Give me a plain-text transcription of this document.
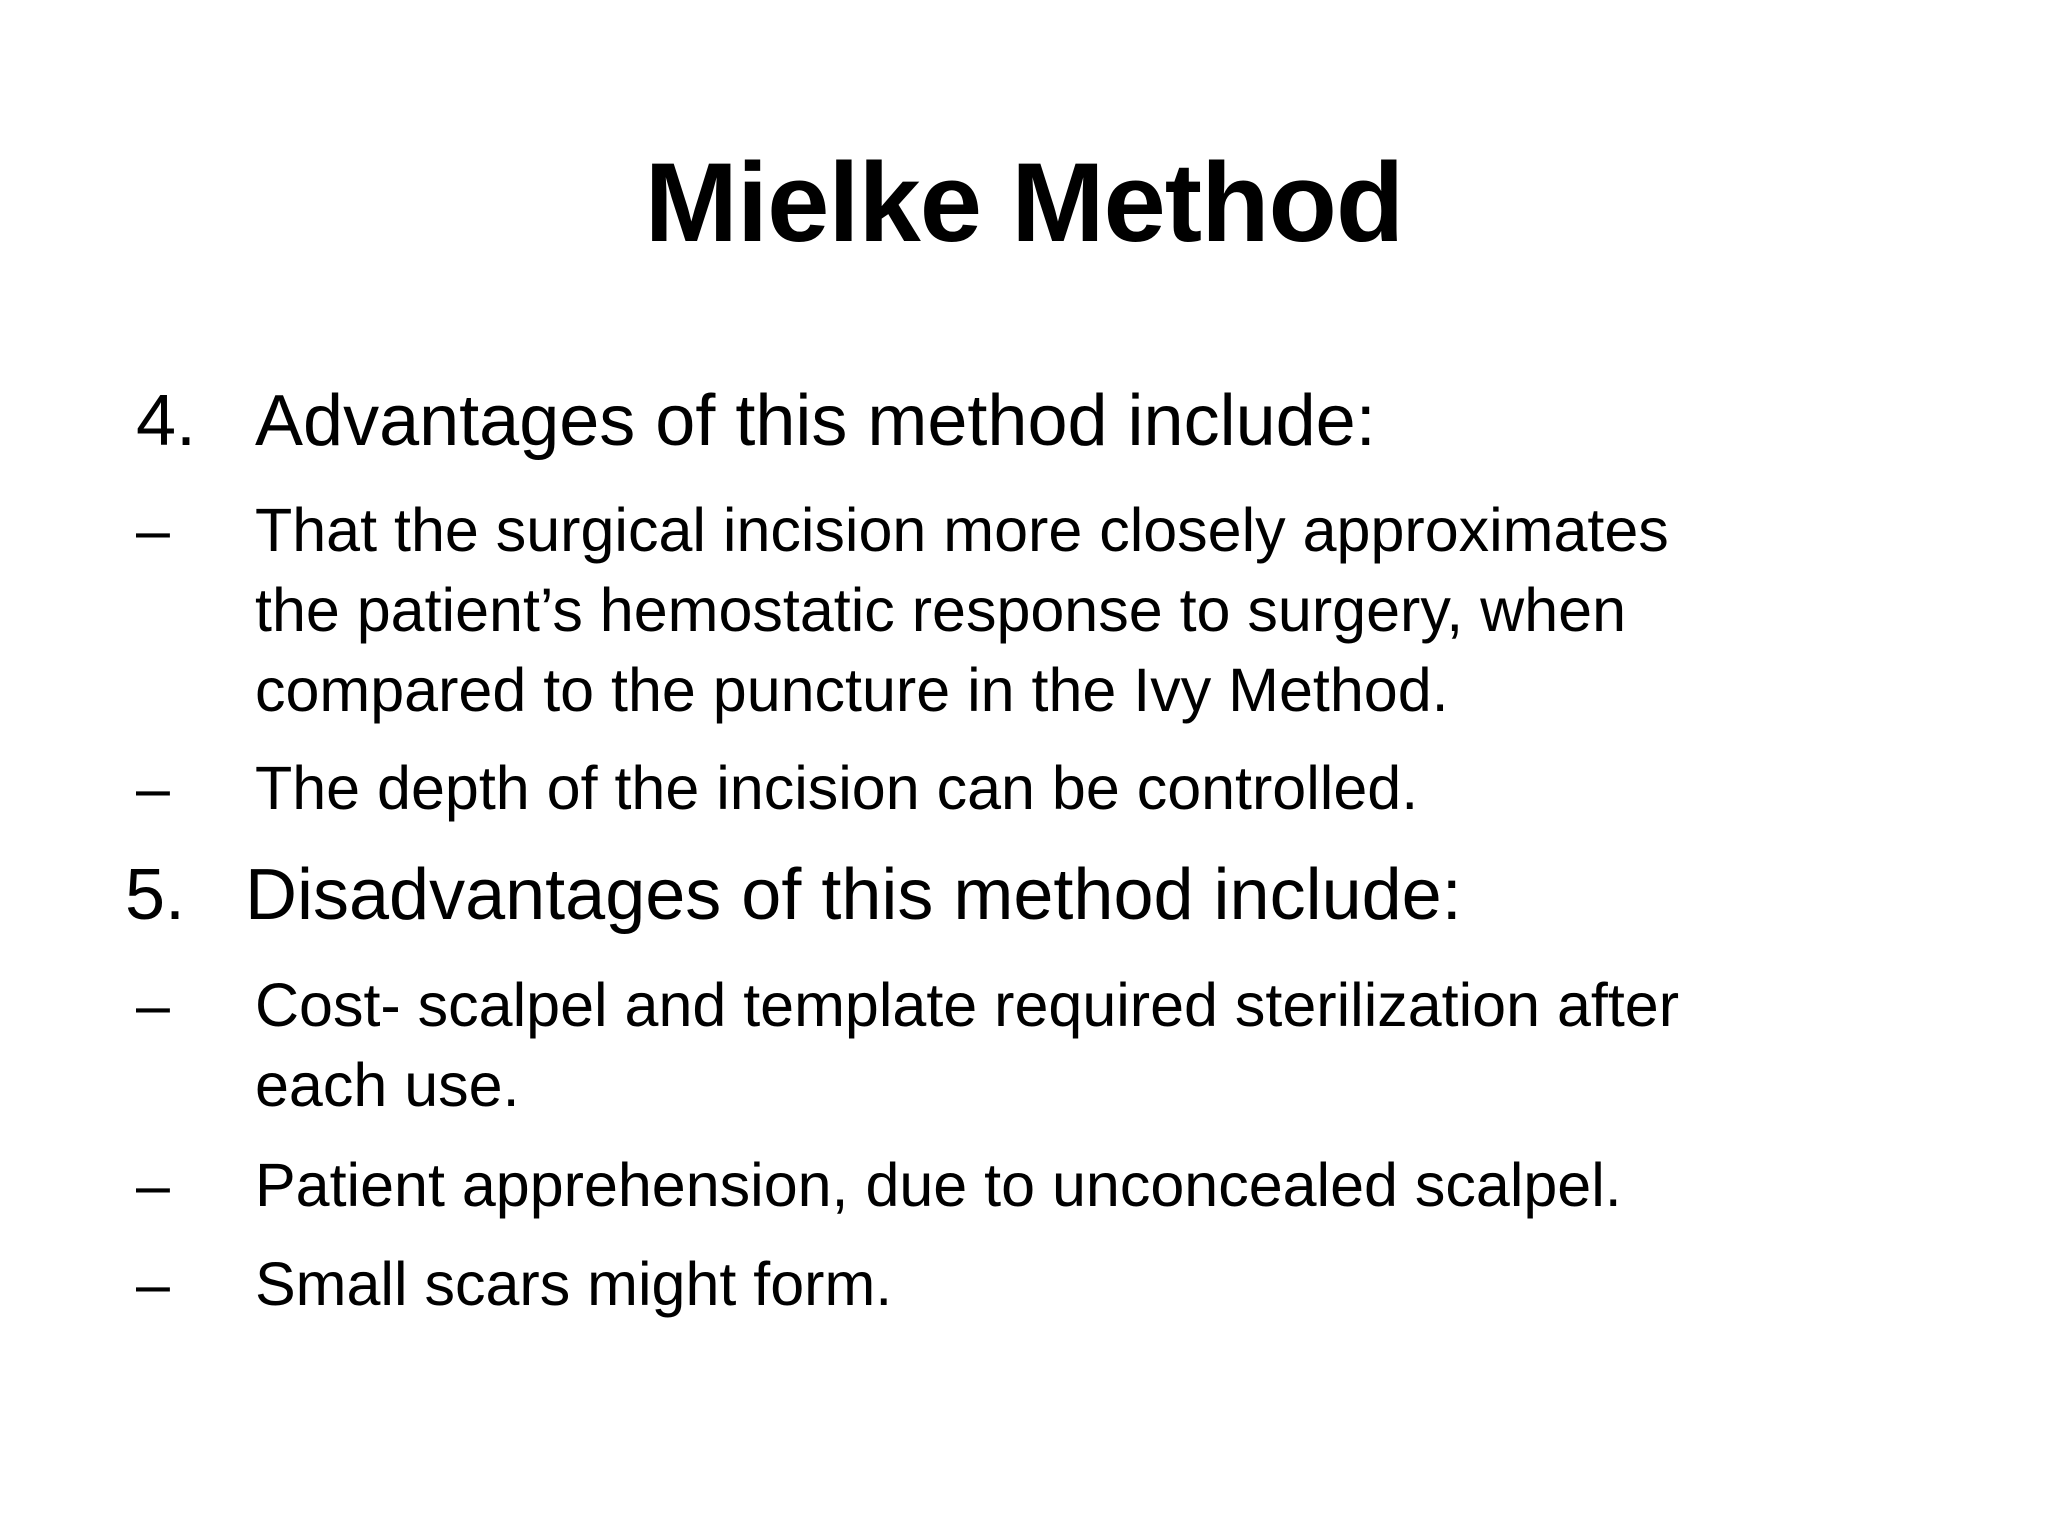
Mielke Method
4. Advantages of this method include:
– That the surgical incision more closely approximates
the patient’s hemostatic response to surgery, when
compared to the puncture in the Ivy Method.
– The depth of the incision can be controlled.
5. Disadvantages of this method include:
– Cost- scalpel and template required sterilization after
each use.
– Patient apprehension, due to unconcealed scalpel.
– Small scars might form.
